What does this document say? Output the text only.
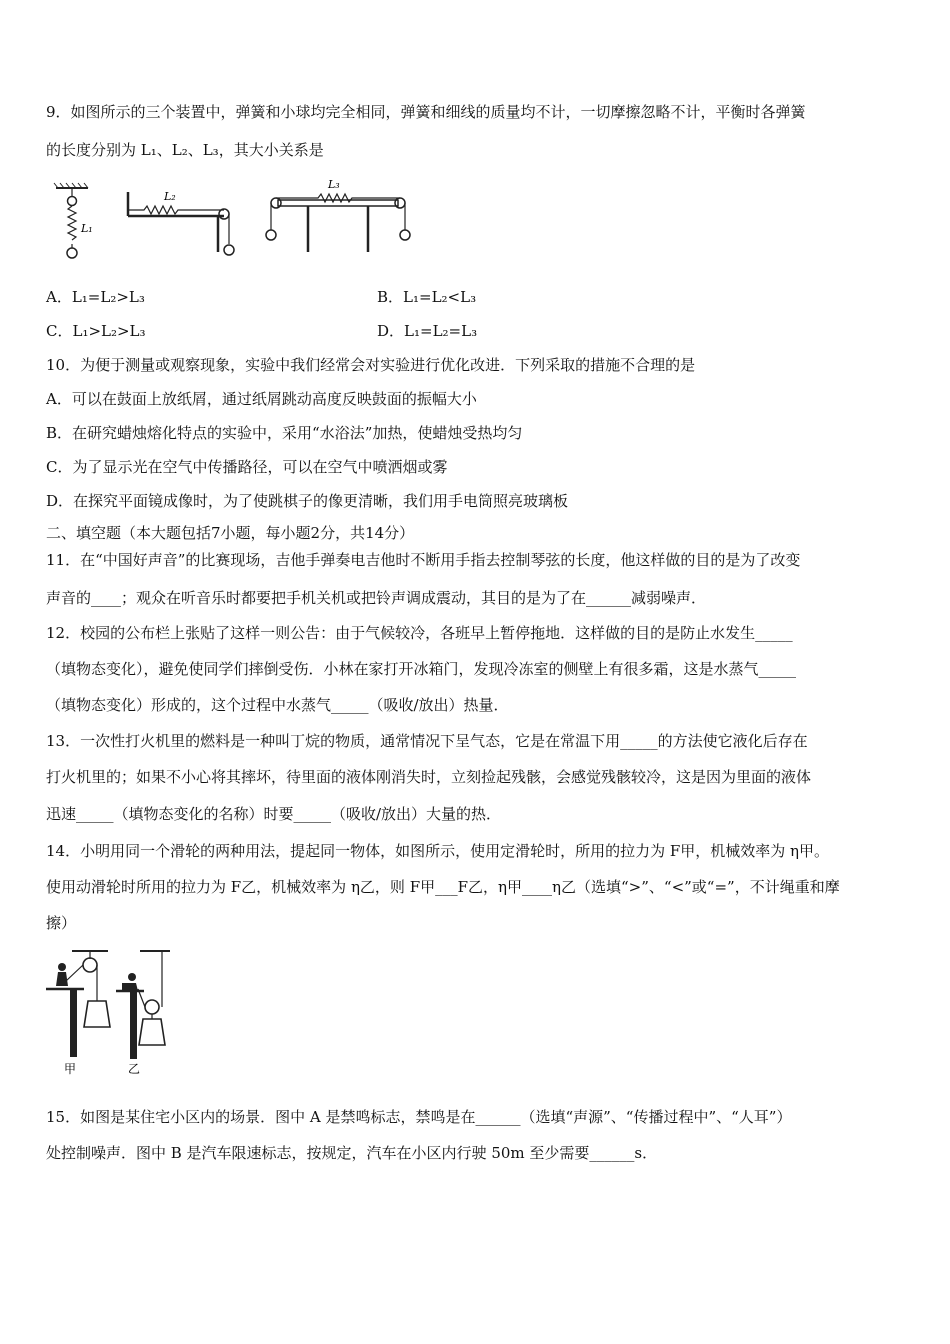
9．如图所示的三个装置中，弹簧和小球均完全相同，弹簧和细线的质量均不计，一切摩擦忽略不计，平衡时各弹簧
的长度分别为 L₁、L₂、L₃，其大小关系是
L₁
L₂
L₃
A．L₁=L₂>L₃	B．L₁=L₂<L₃
C．L₁>L₂>L₃	D．L₁=L₂=L₃
10．为便于测量或观察现象，实验中我们经常会对实验进行优化改进．下列采取的措施不合理的是
A．可以在鼓面上放纸屑，通过纸屑跳动高度反映鼓面的振幅大小
B．在研究蜡烛熔化特点的实验中，采用“水浴法”加热，使蜡烛受热均匀
C．为了显示光在空气中传播路径，可以在空气中喷洒烟或雾
D．在探究平面镜成像时，为了使跳棋子的像更清晰，我们用手电筒照亮玻璃板
二、填空题（本大题包括7小题，每小题2分，共14分）
11．在“中国好声音”的比赛现场，吉他手弹奏电吉他时不断用手指去控制琴弦的长度，他这样做的目的是为了改变
声音的____；观众在听音乐时都要把手机关机或把铃声调成震动，其目的是为了在______减弱噪声．
12．校园的公布栏上张贴了这样一则公告：由于气候较冷，各班早上暂停拖地．这样做的目的是防止水发生_____
（填物态变化），避免使同学们摔倒受伤．小林在家打开冰箱门，发现冷冻室的侧壁上有很多霜，这是水蒸气_____
（填物态变化）形成的，这个过程中水蒸气_____（吸收/放出）热量．
13．一次性打火机里的燃料是一种叫丁烷的物质，通常情况下呈气态，它是在常温下用_____的方法使它液化后存在
打火机里的；如果不小心将其摔坏，待里面的液体刚消失时，立刻捡起残骸，会感觉残骸较冷，这是因为里面的液体
迅速_____（填物态变化的名称）时要_____（吸收/放出）大量的热．
14．小明用同一个滑轮的两种用法，提起同一物体，如图所示，使用定滑轮时，所用的拉力为 F甲，机械效率为 η甲。
使用动滑轮时所用的拉力为 F乙，机械效率为 η乙，则 F甲___F乙，η甲____η乙（选填“>”、“<”或“=”，不计绳重和摩
擦）
甲	乙
15．如图是某住宅小区内的场景．图中 A 是禁鸣标志，禁鸣是在______（选填“声源”、“传播过程中”、“人耳”）
处控制噪声．图中 B 是汽车限速标志，按规定，汽车在小区内行驶 50m 至少需要______s．
